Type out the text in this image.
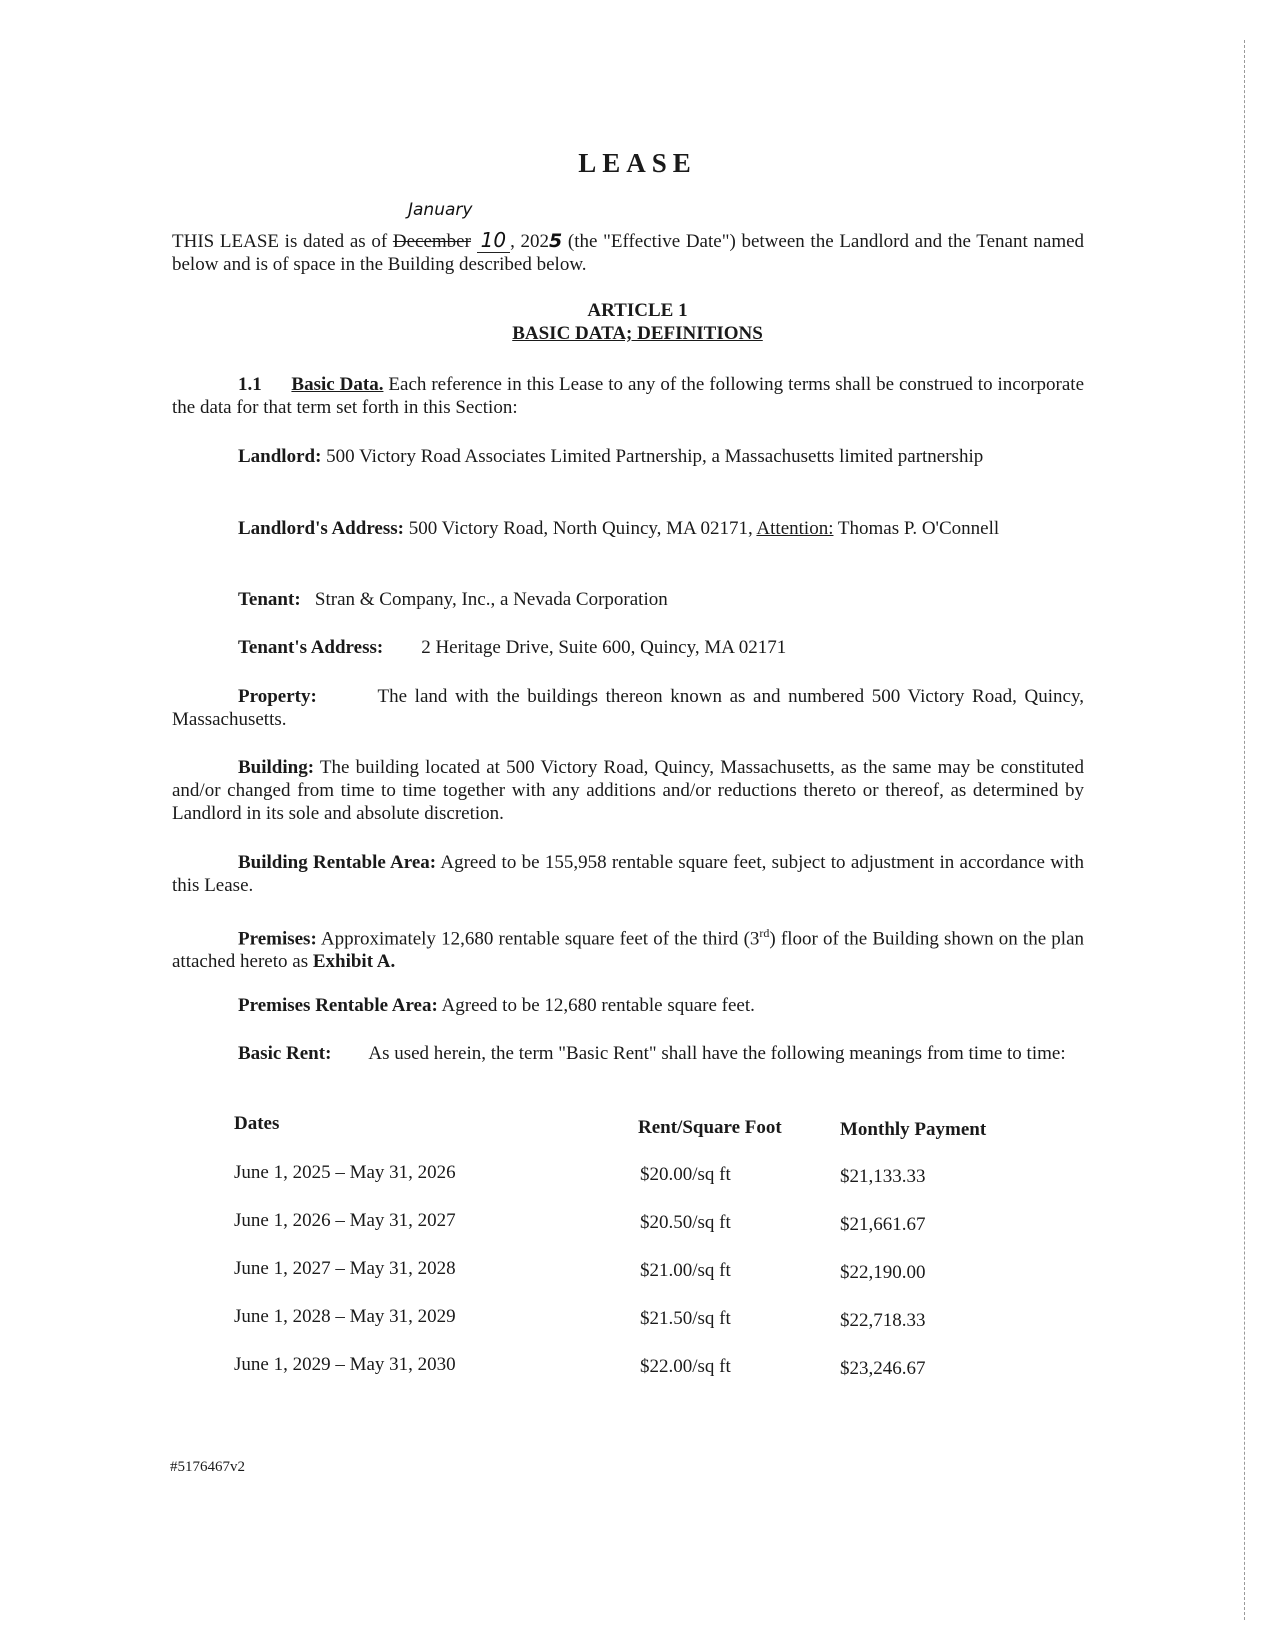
LEASE
January
THIS LEASE is dated as of December 10 , 2025 (the "Effective Date") between the Landlord and the Tenant named below and is of space in the Building described below.
ARTICLE 1
BASIC DATA; DEFINITIONS
1.1 Basic Data. Each reference in this Lease to any of the following terms shall be construed to incorporate the data for that term set forth in this Section:
Landlord: 500 Victory Road Associates Limited Partnership, a Massachusetts limited partnership
Landlord's Address: 500 Victory Road, North Quincy, MA 02171, Attention: Thomas P. O'Connell
Tenant: Stran & Company, Inc., a Nevada Corporation
Tenant's Address: 2 Heritage Drive, Suite 600, Quincy, MA 02171
Property:	The land with the buildings thereon known as and numbered 500 Victory Road, Quincy, Massachusetts.
Building: The building located at 500 Victory Road, Quincy, Massachusetts, as the same may be constituted and/or changed from time to time together with any additions and/or reductions thereto or thereof, as determined by Landlord in its sole and absolute discretion.
Building Rentable Area: Agreed to be 155,958 rentable square feet, subject to adjustment in accordance with this Lease.
Premises: Approximately 12,680 rentable square feet of the third (3rd) floor of the Building shown on the plan attached hereto as Exhibit A.
Premises Rentable Area: Agreed to be 12,680 rentable square feet.
Basic Rent: As used herein, the term "Basic Rent" shall have the following meanings from time to time:
Dates	Rent/Square Foot	Monthly Payment
June 1, 2025 – May 31, 2026	$20.00/sq ft	$21,133.33
June 1, 2026 – May 31, 2027	$20.50/sq ft	$21,661.67
June 1, 2027 – May 31, 2028	$21.00/sq ft	$22,190.00
June 1, 2028 – May 31, 2029	$21.50/sq ft	$22,718.33
June 1, 2029 – May 31, 2030	$22.00/sq ft	$23,246.67
#5176467v2
